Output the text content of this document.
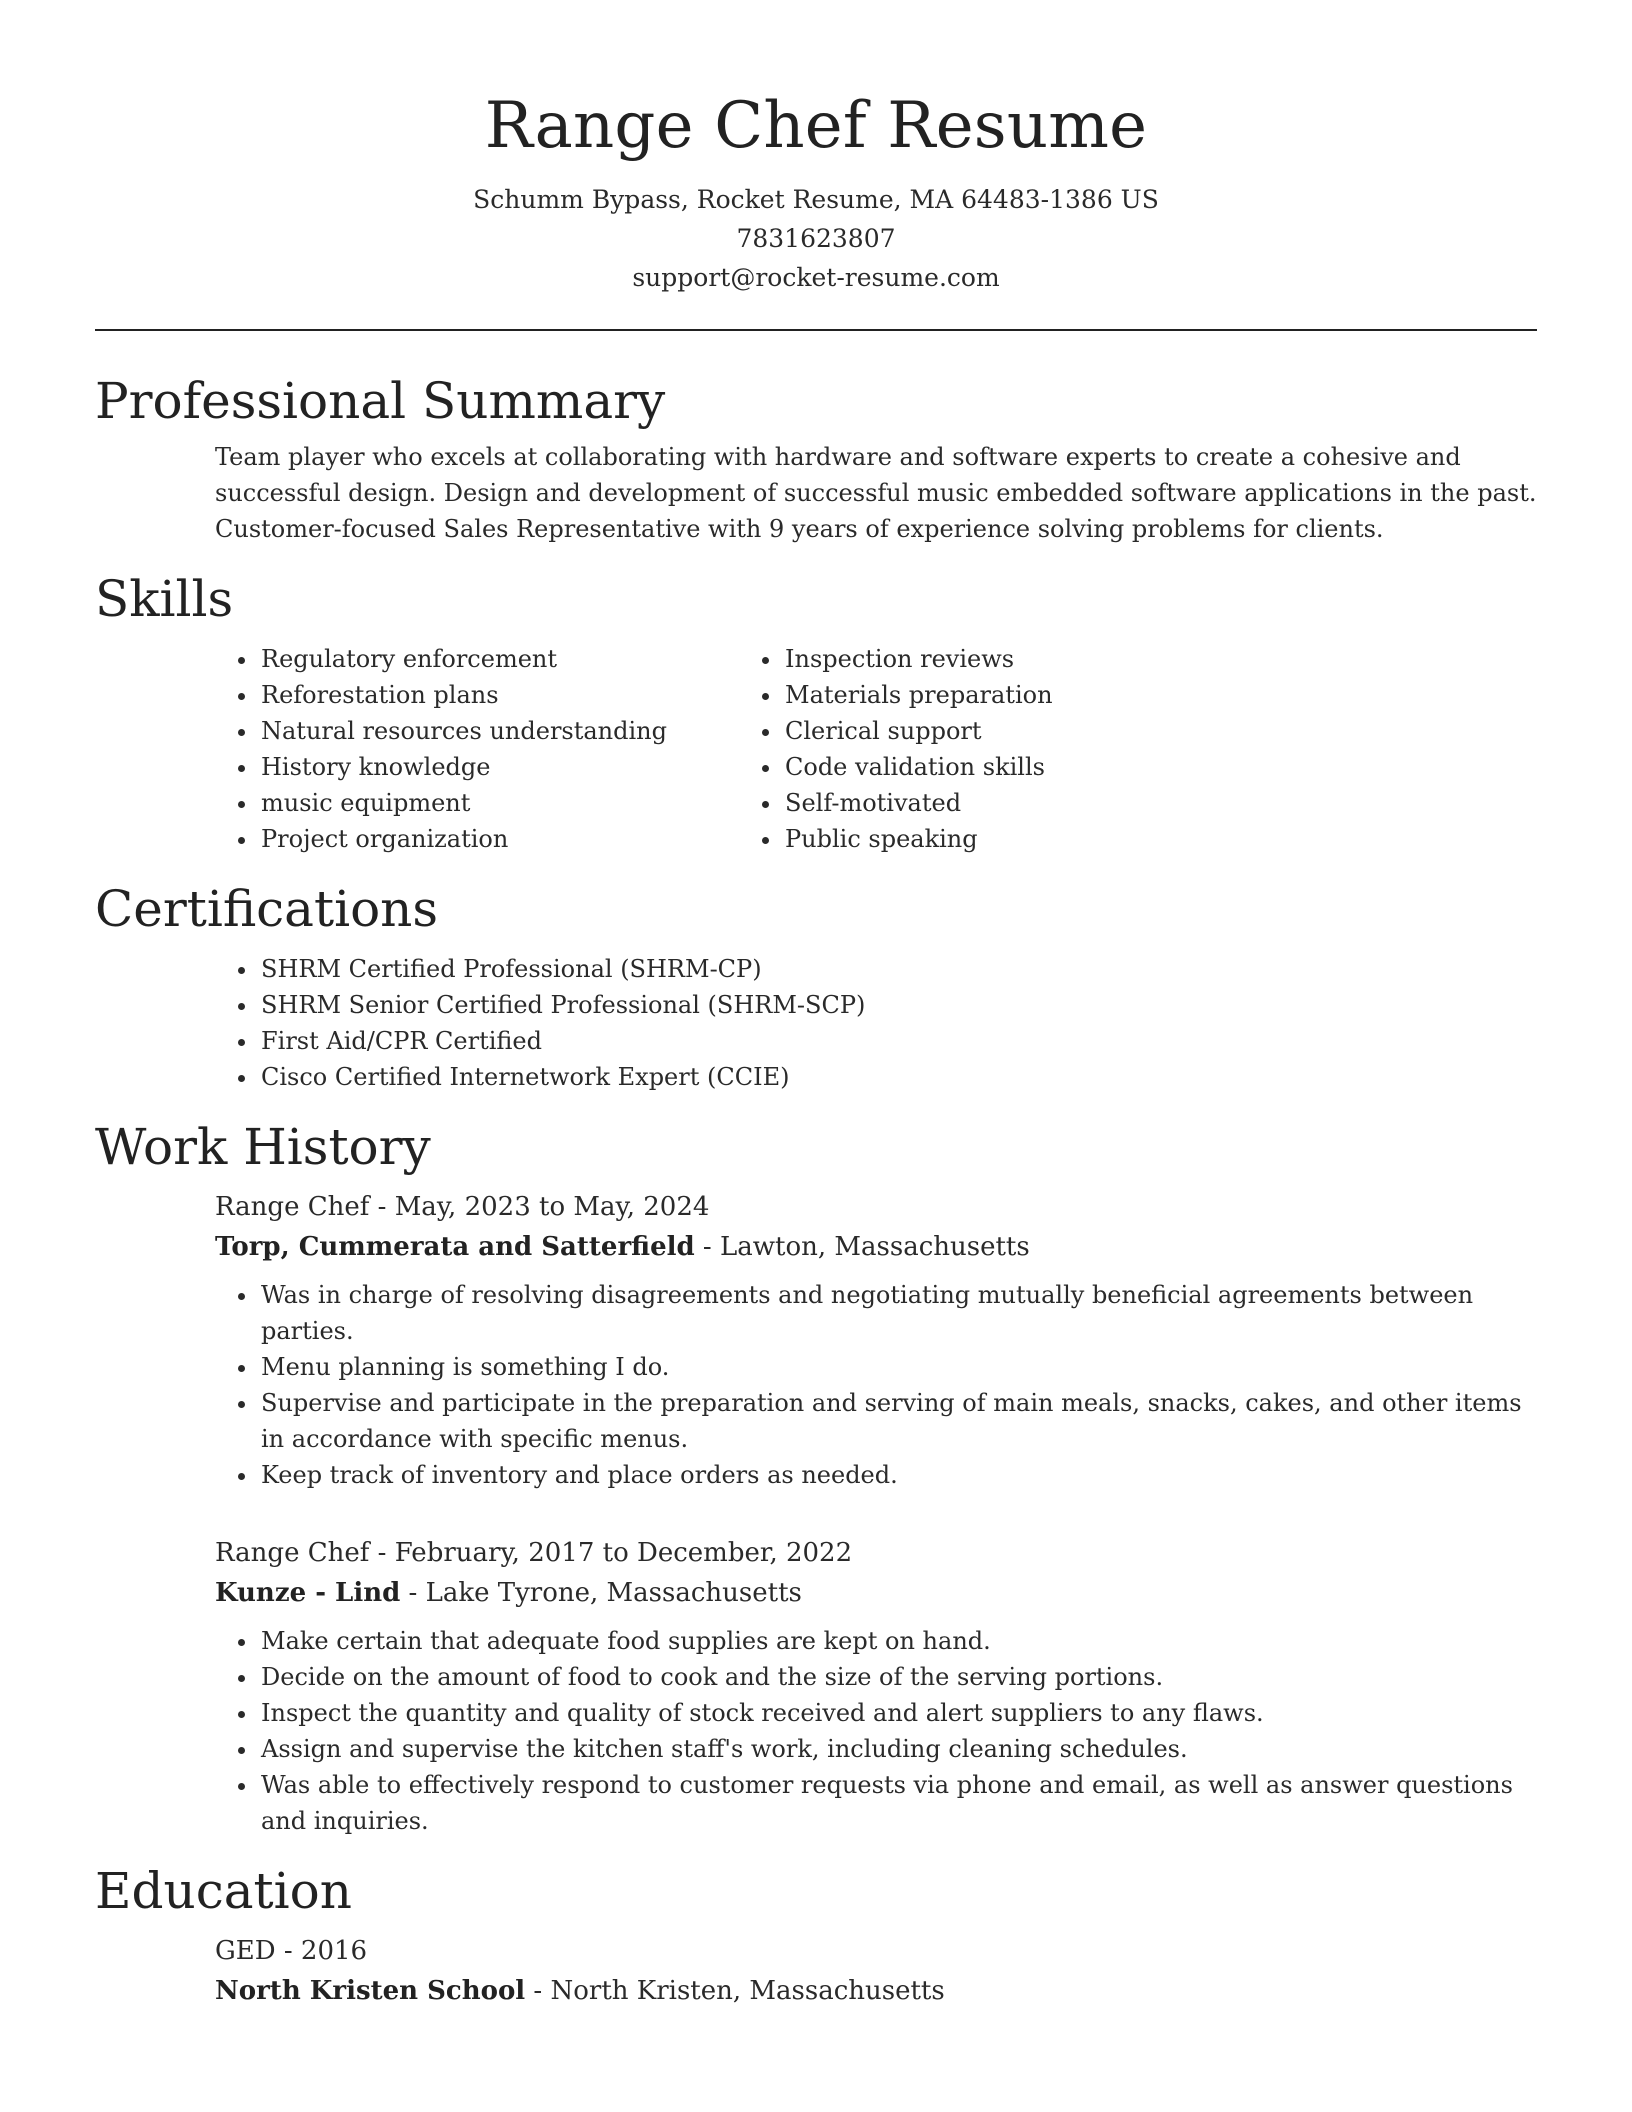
Range Chef Resume
Schumm Bypass, Rocket Resume, MA 64483-1386 US
7831623807
support@rocket-resume.com
Professional Summary

Team player who excels at collaborating with hardware and software experts to create a cohesive and successful design. Design and development of successful music embedded software applications in the past. Customer-focused Sales Representative with 9 years of experience solving problems for clients.

Skills
• Regulatory enforcement
• Reforestation plans
• Natural resources understanding
• History knowledge
• music equipment
• Project organization
• Inspection reviews
• Materials preparation
• Clerical support
• Code validation skills
• Self-motivated
• Public speaking
Certifications
• SHRM Certified Professional (SHRM-CP)
• SHRM Senior Certified Professional (SHRM-SCP)
• First Aid/CPR Certified
• Cisco Certified Internetwork Expert (CCIE)
Work History
Range Chef - May, 2023 to May, 2024
Torp, Cummerata and Satterfield - Lawton, Massachusetts
• Was in charge of resolving disagreements and negotiating mutually beneficial agreements between parties.
• Menu planning is something I do.
• Supervise and participate in the preparation and serving of main meals, snacks, cakes, and other items in accordance with specific menus.
• Keep track of inventory and place orders as needed.
Range Chef - February, 2017 to December, 2022
Kunze - Lind - Lake Tyrone, Massachusetts
• Make certain that adequate food supplies are kept on hand.
• Decide on the amount of food to cook and the size of the serving portions.
• Inspect the quantity and quality of stock received and alert suppliers to any flaws.
• Assign and supervise the kitchen staff's work, including cleaning schedules.
• Was able to effectively respond to customer requests via phone and email, as well as answer questions and inquiries.
Education
GED - 2016
North Kristen School - North Kristen, Massachusetts
